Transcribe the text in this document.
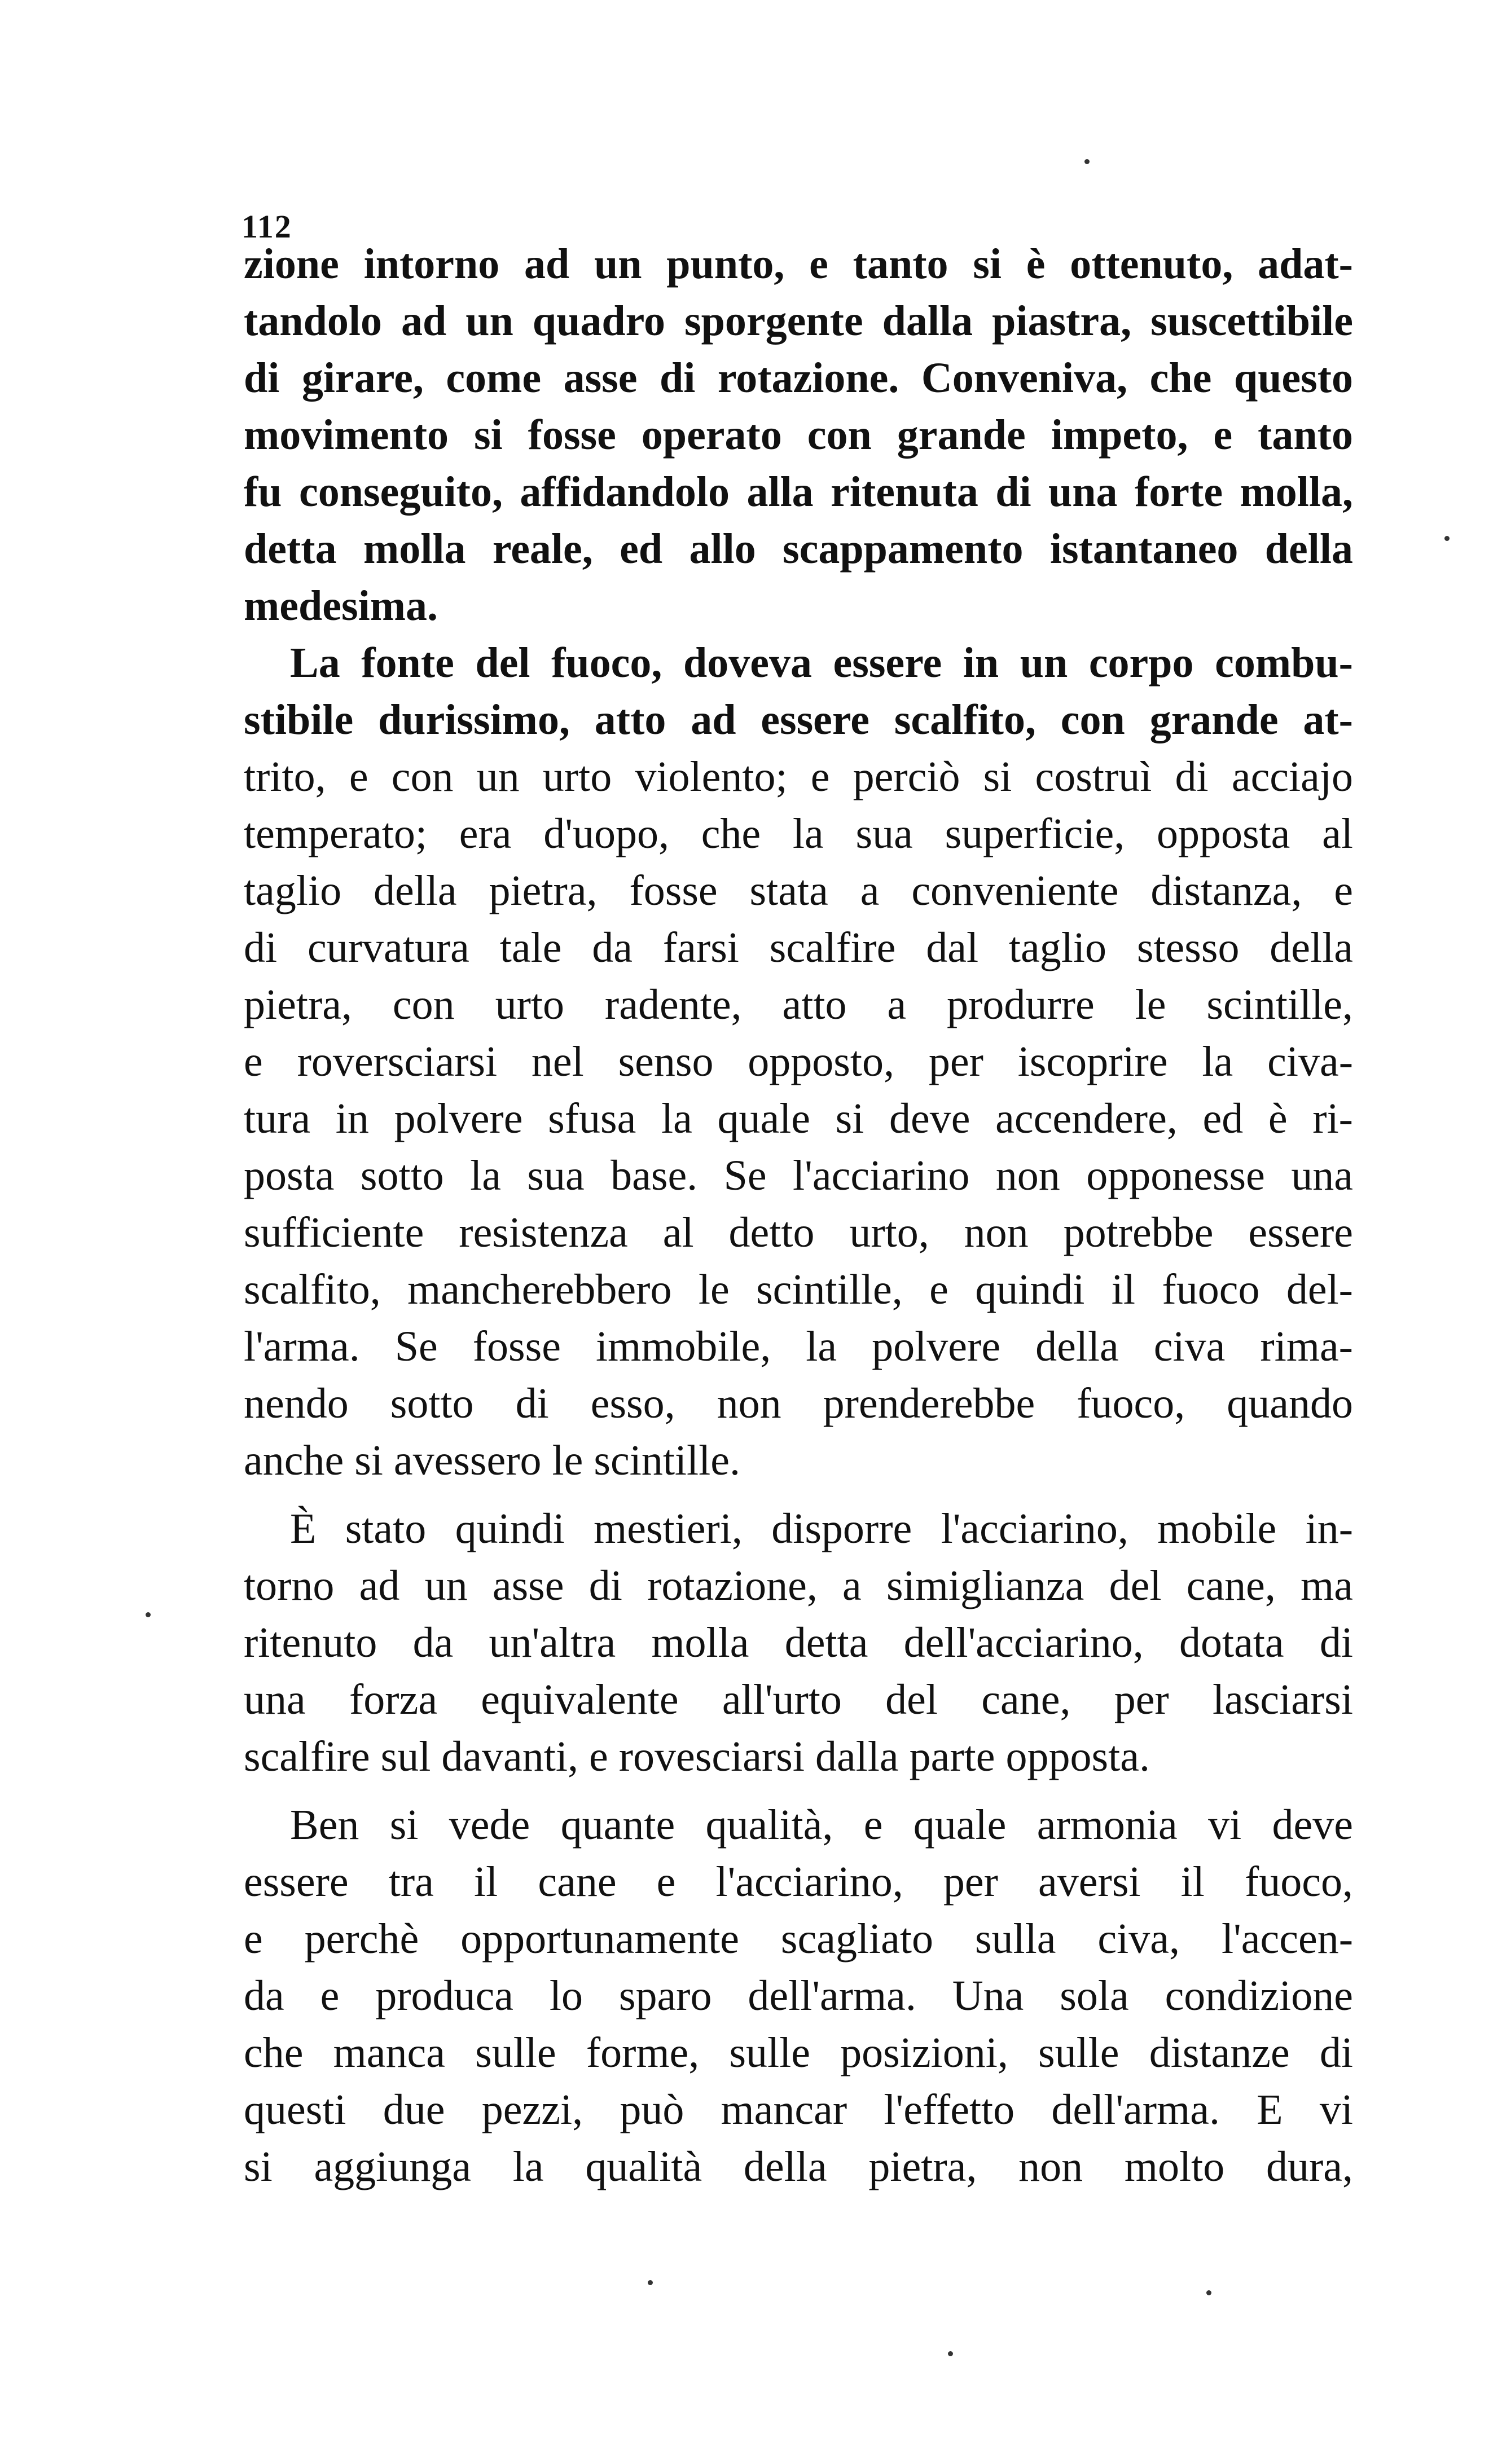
112
zione intorno ad un punto, e tanto si è ottenuto, adat-
tandolo ad un quadro sporgente dalla piastra, suscettibile
di girare, come asse di rotazione. Conveniva, che questo
movimento si fosse operato con grande impeto, e tanto
fu conseguito, affidandolo alla ritenuta di una forte molla,
detta molla reale, ed allo scappamento istantaneo della
medesima.
La fonte del fuoco, doveva essere in un corpo combu-
stibile durissimo, atto ad essere scalfito, con grande at-
trito, e con un urto violento; e perciò si costruì di acciajo
temperato; era d'uopo, che la sua superficie, opposta al
taglio della pietra, fosse stata a conveniente distanza, e
di curvatura tale da farsi scalfire dal taglio stesso della
pietra, con urto radente, atto a produrre le scintille,
e roversciarsi nel senso opposto, per iscoprire la civa-
tura in polvere sfusa la quale si deve accendere, ed è ri-
posta sotto la sua base. Se l'acciarino non opponesse una
sufficiente resistenza al detto urto, non potrebbe essere
scalfito, mancherebbero le scintille, e quindi il fuoco del-
l'arma. Se fosse immobile, la polvere della civa rima-
nendo sotto di esso, non prenderebbe fuoco, quando
anche si avessero le scintille.
È stato quindi mestieri, disporre l'acciarino, mobile in-
torno ad un asse di rotazione, a simiglianza del cane, ma
ritenuto da un'altra molla detta dell'acciarino, dotata di
una forza equivalente all'urto del cane, per lasciarsi
scalfire sul davanti, e rovesciarsi dalla parte opposta.
Ben si vede quante qualità, e quale armonia vi deve
essere tra il cane e l'acciarino, per aversi il fuoco,
e perchè opportunamente scagliato sulla civa, l'accen-
da e produca lo sparo dell'arma. Una sola condizione
che manca sulle forme, sulle posizioni, sulle distanze di
questi due pezzi, può mancar l'effetto dell'arma. E vi
si aggiunga la qualità della pietra, non molto dura,
